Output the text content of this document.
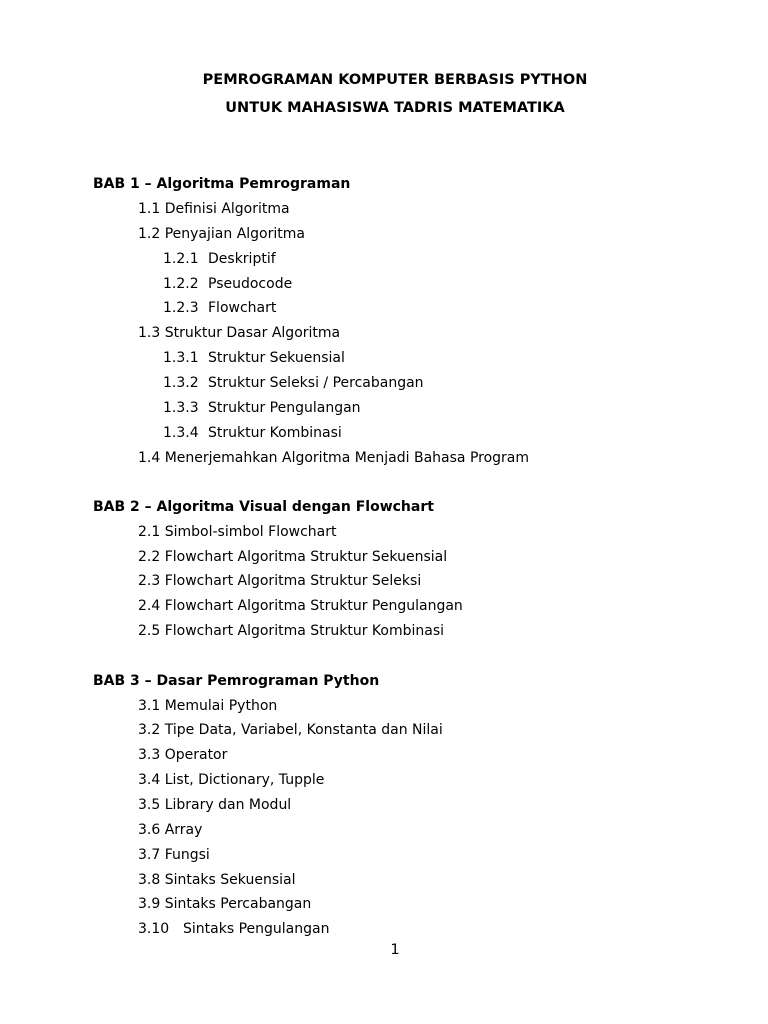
PEMROGRAMAN KOMPUTER BERBASIS PYTHON
UNTUK MAHASISWA TADRIS MATEMATIKA
BAB 1 – Algoritma Pemrograman
1.1 Definisi Algoritma
1.2 Penyajian Algoritma
1.2.1 Deskriptif
1.2.2 Pseudocode
1.2.3 Flowchart
1.3 Struktur Dasar Algoritma
1.3.1 Struktur Sekuensial
1.3.2 Struktur Seleksi / Percabangan
1.3.3 Struktur Pengulangan
1.3.4 Struktur Kombinasi
1.4 Menerjemahkan Algoritma Menjadi Bahasa Program
BAB 2 – Algoritma Visual dengan Flowchart
2.1 Simbol-simbol Flowchart
2.2 Flowchart Algoritma Struktur Sekuensial
2.3 Flowchart Algoritma Struktur Seleksi
2.4 Flowchart Algoritma Struktur Pengulangan
2.5 Flowchart Algoritma Struktur Kombinasi
BAB 3 – Dasar Pemrograman Python
3.1 Memulai Python
3.2 Tipe Data, Variabel, Konstanta dan Nilai
3.3 Operator
3.4 List, Dictionary, Tupple
3.5 Library dan Modul
3.6 Array
3.7 Fungsi
3.8 Sintaks Sekuensial
3.9 Sintaks Percabangan
3.10 Sintaks Pengulangan
1
